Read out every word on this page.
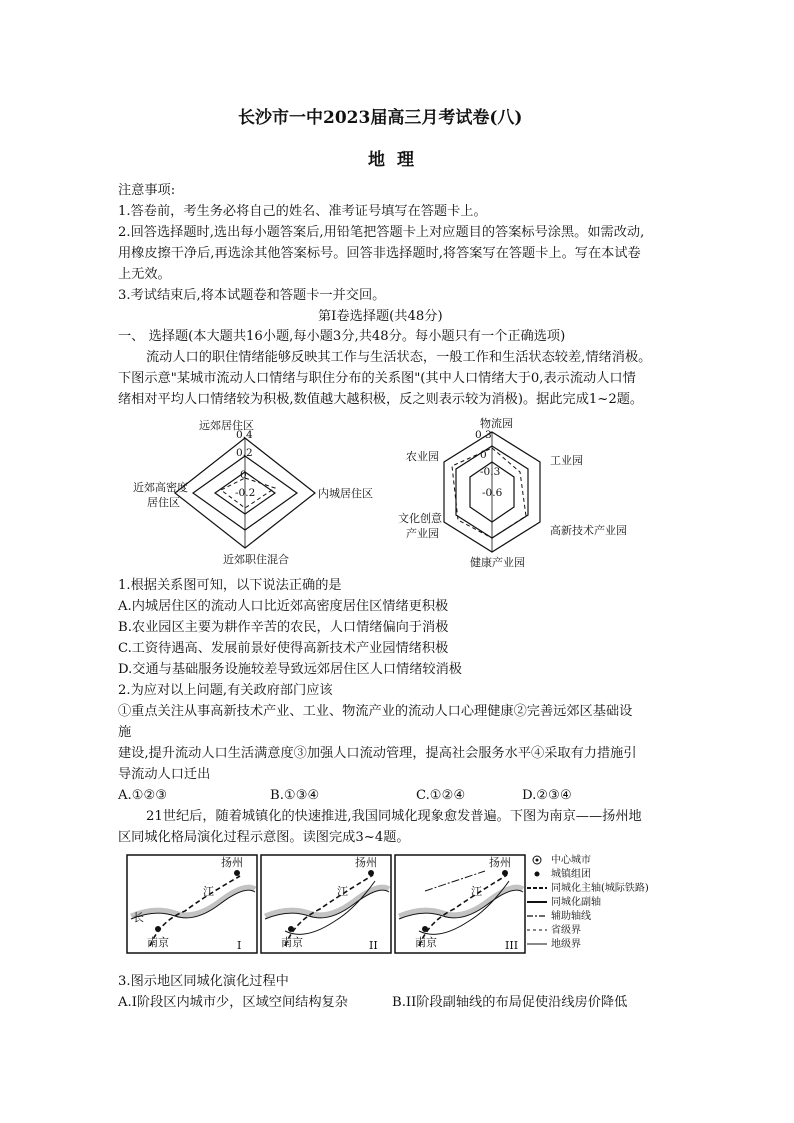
长沙市一中2023届高三月考试卷(八)
地理
注意事项:
1.答卷前，考生务必将自己的姓名、准考证号填写在答题卡上。
2.回答选择题时,选出每小题答案后,用铅笔把答题卡上对应题目的答案标号涂黑。如需改动,
用橡皮擦干净后,再选涂其他答案标号。回答非选择题时,将答案写在答题卡上。写在本试卷
上无效。
3.考试结束后,将本试题卷和答题卡一并交回。
第Ⅰ卷选择题(共48分)
一、 选择题(本大题共16小题,每小题3分,共48分。每小题只有一个正确选项)
流动人口的职住情绪能够反映其工作与生活状态，一般工作和生活状态较差,情绪消极。
下图示意"某城市流动人口情绪与职住分布的关系图"(其中人口情绪大于0,表示流动人口情
绪相对平均人口情绪较为积极,数值越大越积极，反之则表示较为消极)。据此完成1~2题。
远郊居住区
内城居住区
近郊职住混合
近郊高密度
居住区
0.4
0.2
0
-0.2
物流园
工业园
高新技术产业园
健康产业园
文化创意
产业园
农业园
0.3
0
-0.3
-0.6
1.根据关系图可知，以下说法正确的是
A.内城居住区的流动人口比近郊高密度居住区情绪更积极
B.农业园区主要为耕作辛苦的农民，人口情绪偏向于消极
C.工资待遇高、发展前景好使得高新技术产业园情绪积极
D.交通与基础服务设施较差导致远郊居住区人口情绪较消极
2.为应对以上问题,有关政府部门应该
①重点关注从事高新技术产业、工业、物流产业的流动人口心理健康②完善远郊区基础设
施
建设,提升流动人口生活满意度③加强人口流动管理，提高社会服务水平④采取有力措施引
导流动人口迁出
A.①②③	B.①③④	C.①②④	D.②③④
21世纪后，随着城镇化的快速推进,我国同城化现象愈发普遍。下图为南京——扬州地
区同城化格局演化过程示意图。读图完成3~4题。
扬州
江
长
南京	I
扬州
江
南京	II
扬州
江
南京	III
中心城市
城镇组团
同城化主轴(城际铁路)
同城化副轴
辅助轴线
省级界
地级界
3.图示地区同城化演化过程中
A.I阶段区内城市少，区域空间结构复杂	B.II阶段副轴线的布局促使沿线房价降低
